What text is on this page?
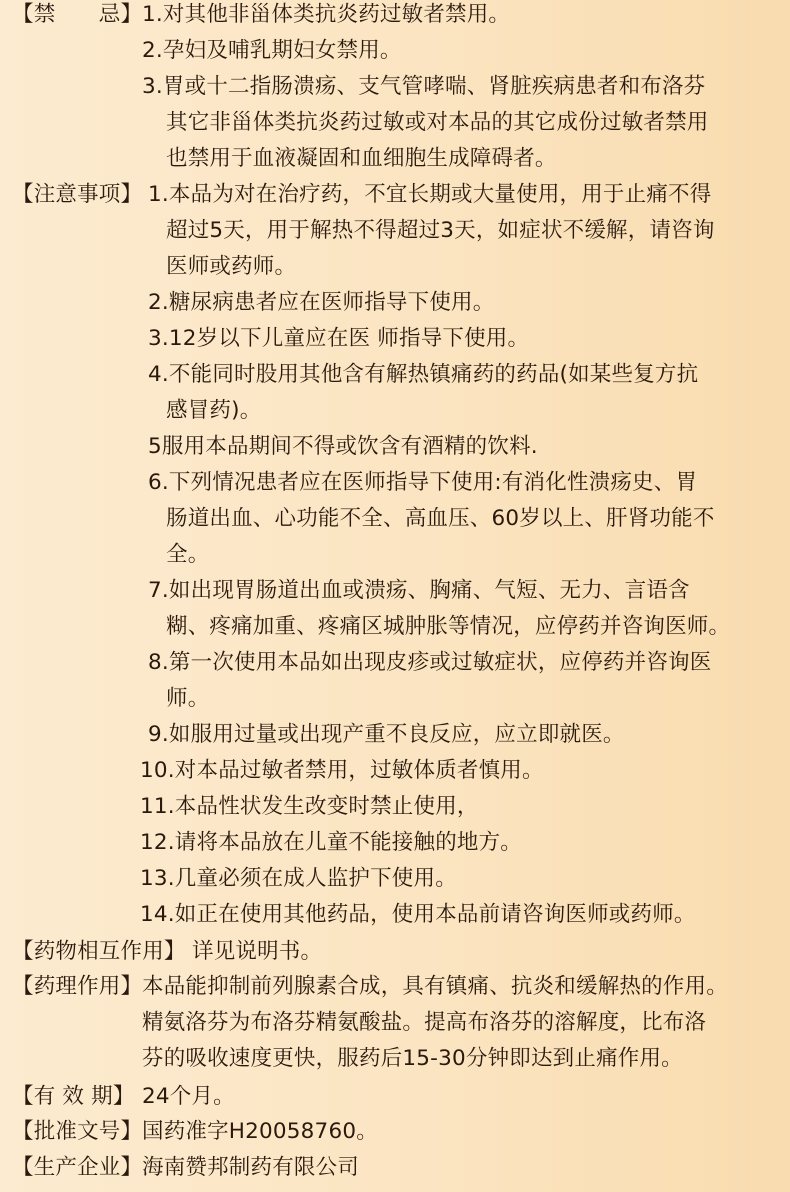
【禁　　忌】 1.对其他非甾体类抗炎药过敏者禁用。
2.孕妇及哺乳期妇女禁用。
3.胃或十二指肠溃疡、支气管哮喘、肾脏疾病患者和布洛芬
其它非甾体类抗炎药过敏或对本品的其它成份过敏者禁用
也禁用于血液凝固和血细胞生成障碍者。
【注意事项】 1.本品为对在治疗药，不宜长期或大量使用，用于止痛不得
超过5天，用于解热不得超过3天，如症状不缓解，请咨询
医师或药师。
2.糖尿病患者应在医师指导下使用。
3.12岁以下儿童应在医 师指导下使用。
4.不能同时股用其他含有解热镇痛药的药品(如某些复方抗
感冒药)。
5服用本品期间不得或饮含有酒精的饮料.
6.下列情况患者应在医师指导下使用:有消化性溃疡史、胃
肠道出血、心功能不全、高血压、60岁以上、肝肾功能不
全。
7.如出现胃肠道出血或溃疡、胸痛、气短、无力、言语含
糊、疼痛加重、疼痛区城肿胀等情况，应停药并咨询医师。
8.第一次使用本品如出现皮疹或过敏症状，应停药并咨询医
师。
9.如服用过量或出现产重不良反应，应立即就医。
10.对本品过敏者禁用，过敏体质者慎用。
11.本品性状发生改变时禁止使用，
12.请将本品放在儿童不能接触的地方。
13.几童必须在成人监护下使用。
14.如正在使用其他药品，使用本品前请咨询医师或药师。
【药物相互作用】 详见说明书。
【药理作用】 本品能抑制前列腺素合成，具有镇痛、抗炎和缓解热的作用。
精氨洛芬为布洛芬精氨酸盐。提高布洛芬的溶解度，比布洛
芬的吸收速度更快，服药后15-30分钟即达到止痛作用。
【有 效 期】 24个月。
【批准文号】 国药准字H20058760。
【生产企业】 海南赞邦制药有限公司
